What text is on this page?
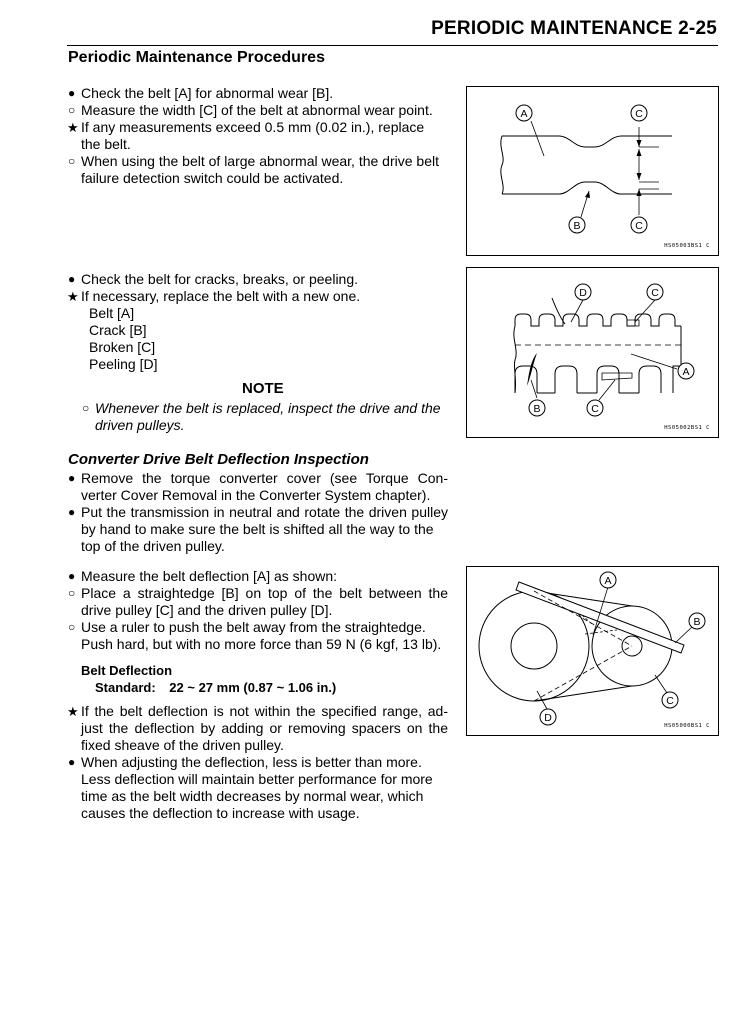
PERIODIC MAINTENANCE 2-25
Periodic Maintenance Procedures
● Check the belt [A] for abnormal wear [B].
○ Measure the width [C] of the belt at abnormal wear point.
★ If any measurements exceed 0.5 mm (0.02 in.), replace
the belt.
○ When using the belt of large abnormal wear, the drive belt
failure detection switch could be activated.
A	C
B	C
HS05003BS1 C
● Check the belt for cracks, breaks, or peeling.
★ If necessary, replace the belt with a new one.
Belt [A]
Crack [B]
Broken [C]
Peeling [D]
NOTE
○ Whenever the belt is replaced, inspect the drive and the
driven pulleys.
D	C
A
B	C
HS05002BS1 C
Converter Drive Belt Deflection Inspection
● Remove the torque converter cover (see Torque Con-
verter Cover Removal in the Converter System chapter).
● Put the transmission in neutral and rotate the driven pulley
by hand to make sure the belt is shifted all the way to the
top of the driven pulley.
● Measure the belt deflection [A] as shown:
○ Place a straightedge [B] on top of the belt between the
drive pulley [C] and the driven pulley [D].
○ Use a ruler to push the belt away from the straightedge.
Push hard, but with no more force than 59 N (6 kgf, 13 lb).
Belt Deflection
Standard: 22 ~ 27 mm (0.87 ~ 1.06 in.)
★ If the belt deflection is not within the specified range, ad-
just the deflection by adding or removing spacers on the
fixed sheave of the driven pulley.
● When adjusting the deflection, less is better than more.
Less deflection will maintain better performance for more
time as the belt width decreases by normal wear, which
causes the deflection to increase with usage.
A
B
C
D
HS05000BS1 C
